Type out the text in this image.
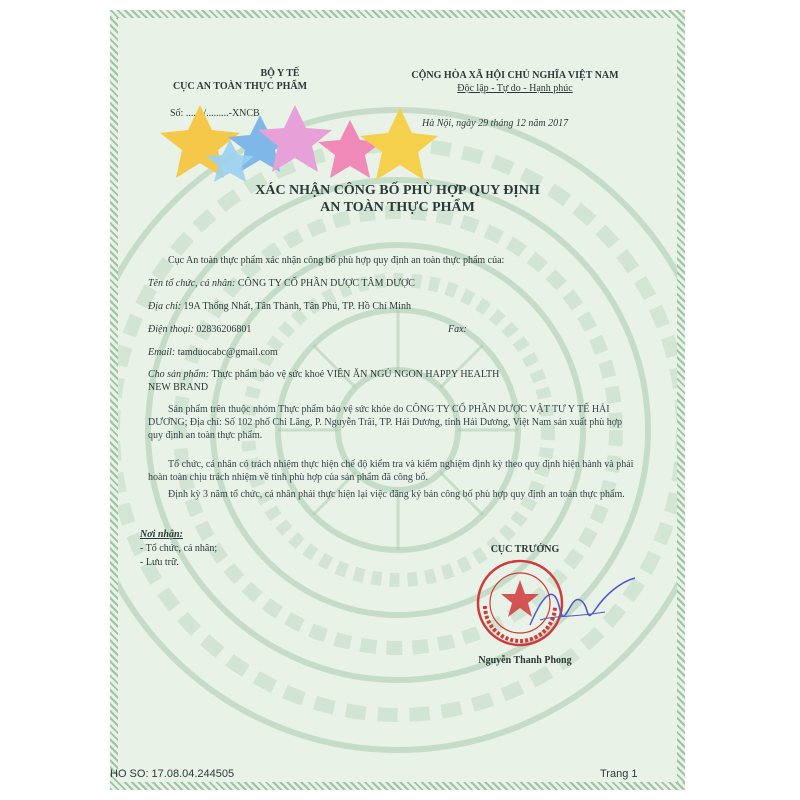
BỘ Y TẾ
CỤC AN TOÀN THỰC PHẨM
Số: ......./.........-XNCB
CỘNG HÒA XÃ HỘI CHỦ NGHĨA VIỆT NAM
Độc lập - Tự do - Hạnh phúc
Hà Nội, ngày 29 tháng 12 năm 2017
XÁC NHẬN CÔNG BỐ PHÙ HỢP QUY ĐỊNH
AN TOÀN THỰC PHẨM
Cục An toàn thực phẩm xác nhận công bố phù hợp quy định an toàn thực phẩm của:
Tên tổ chức, cá nhân: CÔNG TY CỔ PHẦN DƯỢC TÂM DƯỢC
Địa chỉ: 19A Thống Nhất, Tân Thành, Tân Phú, TP. Hồ Chí Minh
Điện thoại: 02836206801	Fax:
Email: tamduocabc@gmail.com
Cho sản phẩm: Thực phẩm bảo vệ sức khoẻ VIÊN ĂN NGỦ NGON HAPPY HEALTH
NEW BRAND
Sản phẩm trên thuộc nhóm Thực phẩm bảo vệ sức khỏe do CÔNG TY CỔ PHẦN DƯỢC VẬT TƯ Y TẾ HẢI DƯƠNG; Địa chỉ: Số 102 phố Chi Lăng, P. Nguyễn Trãi, TP. Hải Dương, tỉnh Hải Dương, Việt Nam sản xuất phù hợp quy định an toàn thực phẩm.
Tổ chức, cá nhân có trách nhiệm thực hiện chế độ kiểm tra và kiểm nghiệm định kỳ theo quy định hiện hành và phải hoàn toàn chịu trách nhiệm về tính phù hợp của sản phẩm đã công bố.
Định kỳ 3 năm tổ chức, cá nhân phải thực hiện lại việc đăng ký bản công bố phù hợp quy định an toàn thực phẩm.
Nơi nhận:
- Tổ chức, cá nhân;
- Lưu trữ.
CỤC TRƯỞNG
Nguyễn Thanh Phong
HO SO: 17.08.04.244505	Trang 1
